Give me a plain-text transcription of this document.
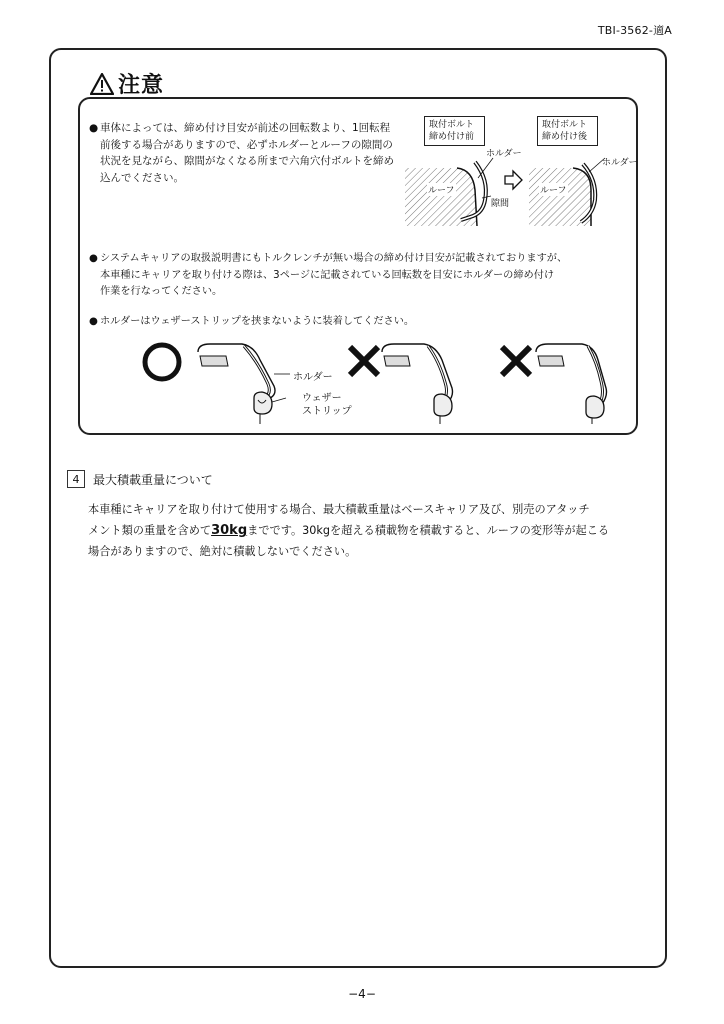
TBI-3562-適A
注意
● 車体によっては、締め付け目安が前述の回転数より、1回転程
前後する場合がありますので、必ずホルダーとルーフの隙間の
状況を見ながら、隙間がなくなる所まで六角穴付ボルトを締め
込んでください。
取付ボルト
締め付け前
取付ボルト
締め付け後
ホルダー
ホルダー
ルーフ	ルーフ
隙間
● システムキャリアの取扱説明書にもトルクレンチが無い場合の締め付け目安が記載されておりますが、
本車種にキャリアを取り付ける際は、3ページに記載されている回転数を目安にホルダーの締め付け
作業を行なってください。
● ホルダーはウェザーストリップを挟まないように装着してください。
ホルダー
ウェザー
ストリップ
4	最大積載重量について
本車種にキャリアを取り付けて使用する場合、最大積載重量はベースキャリア及び、別売のアタッチ
メント類の重量を含めて30kgまでです。30kgを超える積載物を積載すると、ルーフの変形等が起こる
場合がありますので、絶対に積載しないでください。
−4−
